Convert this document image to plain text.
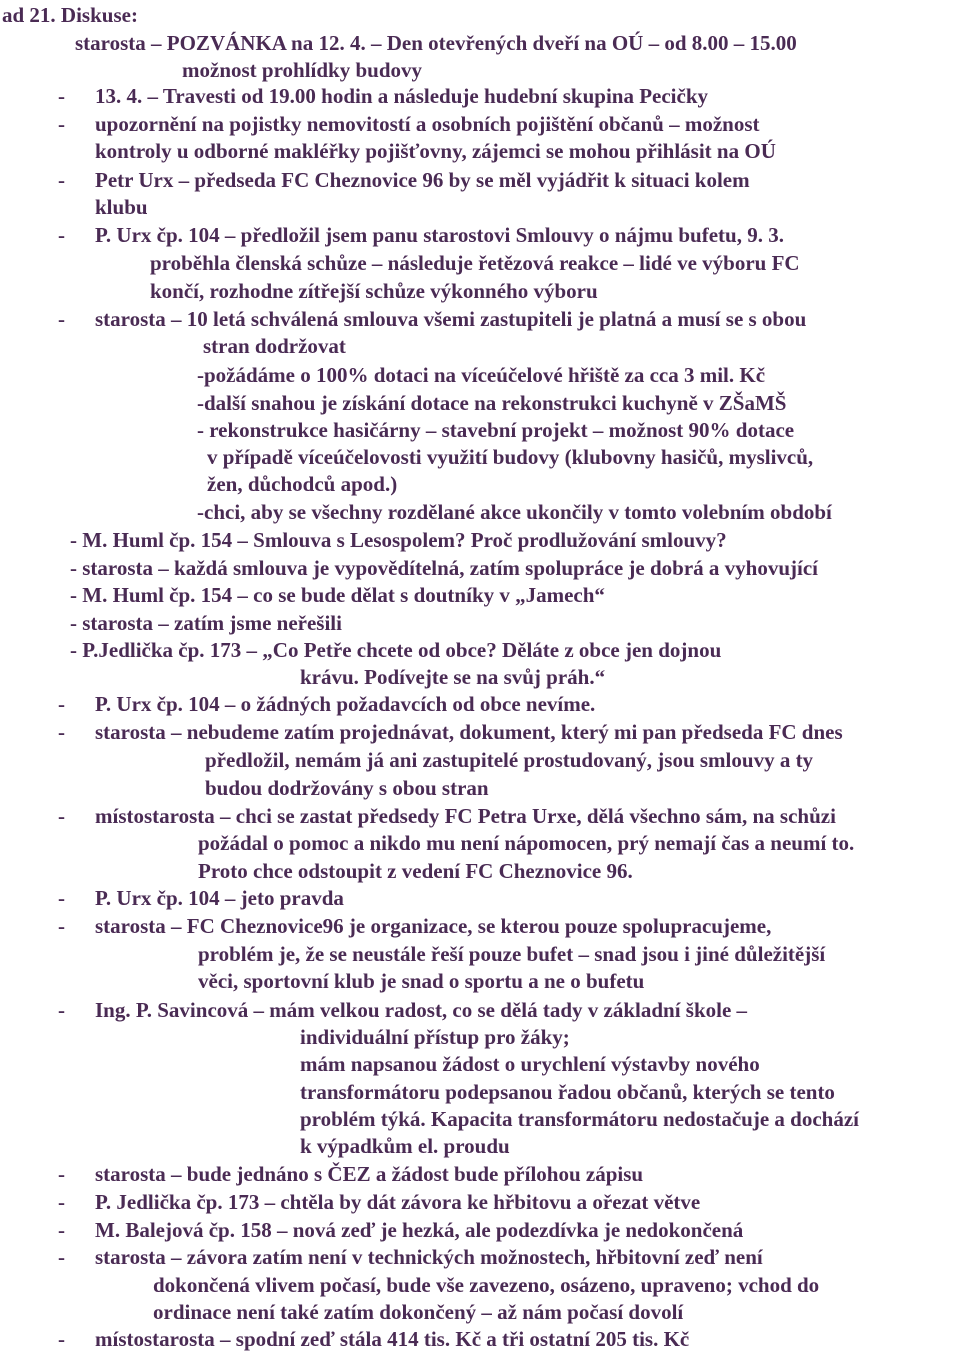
ad 21. Diskuse:
starosta – POZVÁNKA na 12. 4. – Den otevřených dveří na OÚ – od 8.00 – 15.00
možnost prohlídky budovy
- 13. 4. – Travesti od 19.00 hodin a následuje hudební skupina Pecičky
- upozornění na pojistky nemovitostí a osobních pojištění občanů – možnost
kontroly u odborné makléřky pojišťovny, zájemci se mohou přihlásit na OÚ
- Petr Urx – předseda FC Cheznovice 96 by se měl vyjádřit k situaci kolem
klubu
- P. Urx čp. 104 – předložil jsem panu starostovi Smlouvy o nájmu bufetu, 9. 3.
proběhla členská schůze – následuje řetězová reakce – lidé ve výboru FC
končí, rozhodne zítřejší schůze výkonného výboru
- starosta – 10 letá schválená smlouva všemi zastupiteli je platná a musí se s obou
stran dodržovat
-požádáme o 100% dotaci na víceúčelové hřiště za cca 3 mil. Kč
-další snahou je získání dotace na rekonstrukci kuchyně v ZŠaMŠ
- rekonstrukce hasičárny – stavební projekt – možnost 90% dotace
v případě víceúčelovosti využití budovy (klubovny hasičů, myslivců,
žen, důchodců apod.)
-chci, aby se všechny rozdělané akce ukončily v tomto volebním období
- M. Huml čp. 154 – Smlouva s Lesospolem? Proč prodlužování smlouvy?
- starosta – každá smlouva je vypovědítelná, zatím spolupráce je dobrá a vyhovující
- M. Huml čp. 154 – co se bude dělat s doutníky v „Jamech“
- starosta – zatím jsme neřešili
- P.Jedlička čp. 173 – „Co Petře chcete od obce? Děláte z obce jen dojnou
krávu. Podívejte se na svůj práh.“
- P. Urx čp. 104 – o žádných požadavcích od obce nevíme.
- starosta – nebudeme zatím projednávat, dokument, který mi pan předseda FC dnes
předložil, nemám já ani zastupitelé prostudovaný, jsou smlouvy a ty
budou dodržovány s obou stran
- místostarosta – chci se zastat předsedy FC Petra Urxe, dělá všechno sám, na schůzi
požádal o pomoc a nikdo mu není nápomocen, prý nemají čas a neumí to.
Proto chce odstoupit z vedení FC Cheznovice 96.
- P. Urx čp. 104 – jeto pravda
- starosta – FC Cheznovice96 je organizace, se kterou pouze spolupracujeme,
problém je, že se neustále řeší pouze bufet – snad jsou i jiné důležitější
věci, sportovní klub je snad o sportu a ne o bufetu
- Ing. P. Savincová – mám velkou radost, co se dělá tady v základní škole –
individuální přístup pro žáky;
mám napsanou žádost o urychlení výstavby nového
transformátoru podepsanou řadou občanů, kterých se tento
problém týká. Kapacita transformátoru nedostačuje a dochází
k výpadkům el. proudu
- starosta – bude jednáno s ČEZ a žádost bude přílohou zápisu
- P. Jedlička čp. 173 – chtěla by dát závora ke hřbitovu a ořezat větve
- M. Balejová čp. 158 – nová zeď je hezká, ale podezdívka je nedokončená
- starosta – závora zatím není v technických možnostech, hřbitovní zeď není
dokončená vlivem počasí, bude vše zavezeno, osázeno, upraveno; vchod do
ordinace není také zatím dokončený – až nám počasí dovolí
- místostarosta – spodní zeď stála 414 tis. Kč a tři ostatní 205 tis. Kč
